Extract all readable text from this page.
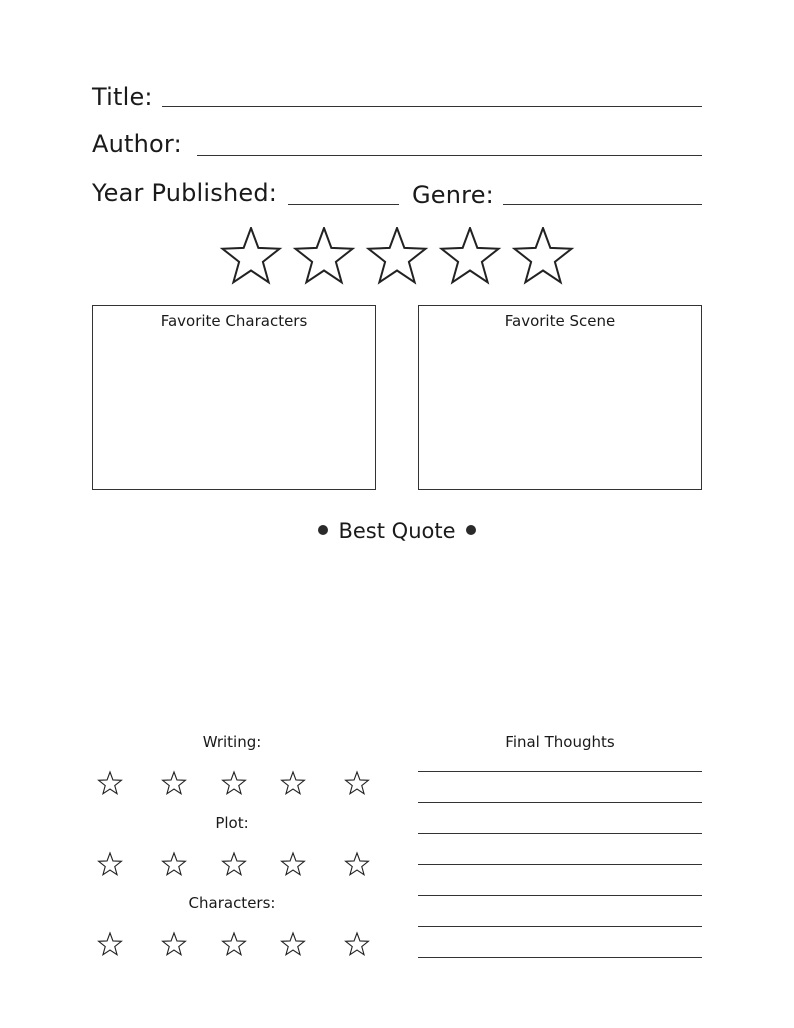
Title:
Author:
Year Published:	Genre:
Favorite Characters	Favorite Scene
Best Quote
Writing:
Plot:
Characters:
Final Thoughts
